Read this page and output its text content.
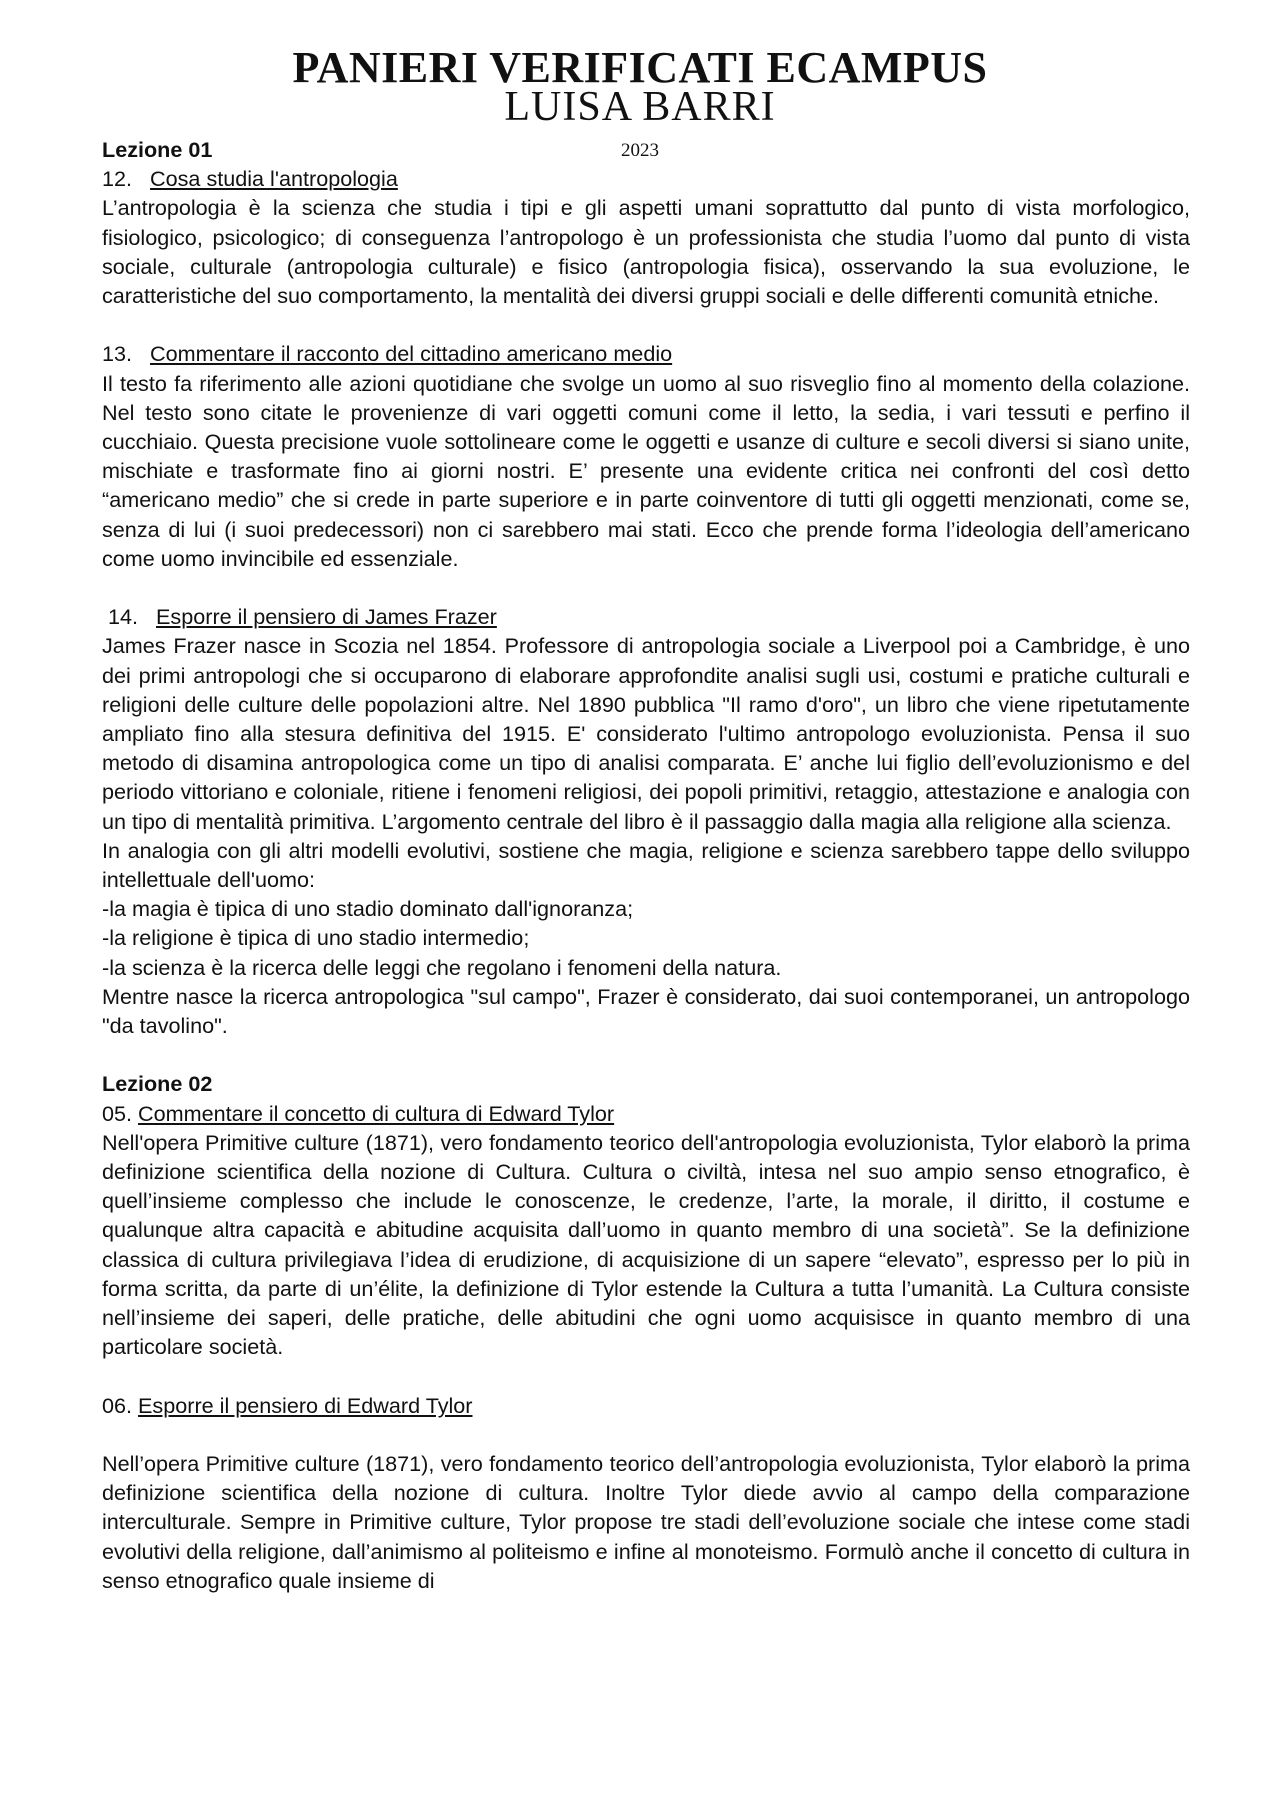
PANIERI VERIFICATI ECAMPUS
LUISA BARRI
2023

Lezione 01

12. Cosa studia l'antropologia

L’antropologia è la scienza che studia i tipi e gli aspetti umani soprattutto dal punto di vista morfologico, fisiologico, psicologico; di conseguenza l’antropologo è un professionista che studia l’uomo dal punto di vista sociale, culturale (antropologia culturale) e fisico (antropologia fisica), osservando la sua evoluzione, le caratteristiche del suo comportamento, la mentalità dei diversi gruppi sociali e delle differenti comunità etniche.

13. Commentare il racconto del cittadino americano medio

Il testo fa riferimento alle azioni quotidiane che svolge un uomo al suo risveglio fino al momento della colazione. Nel testo sono citate le provenienze di vari oggetti comuni come il letto, la sedia, i vari tessuti e perfino il cucchiaio. Questa precisione vuole sottolineare come le oggetti e usanze di culture e secoli diversi si siano unite, mischiate e trasformate fino ai giorni nostri. E’ presente una evidente critica nei confronti del così detto “americano medio” che si crede in parte superiore e in parte coinventore di tutti gli oggetti menzionati, come se, senza di lui (i suoi predecessori) non ci sarebbero mai stati. Ecco che prende forma l’ideologia dell’americano come uomo invincibile ed essenziale.

14. Esporre il pensiero di James Frazer

James Frazer nasce in Scozia nel 1854. Professore di antropologia sociale a Liverpool poi a Cambridge, è uno dei primi antropologi che si occuparono di elaborare approfondite analisi sugli usi, costumi e pratiche culturali e religioni delle culture delle popolazioni altre. Nel 1890 pubblica "Il ramo d'oro", un libro che viene ripetutamente ampliato fino alla stesura definitiva del 1915. E' considerato l'ultimo antropologo evoluzionista. Pensa il suo metodo di disamina antropologica come un tipo di analisi comparata. E’ anche lui figlio dell’evoluzionismo e del periodo vittoriano e coloniale, ritiene i fenomeni religiosi, dei popoli primitivi, retaggio, attestazione e analogia con un tipo di mentalità primitiva. L’argomento centrale del libro è il passaggio dalla magia alla religione alla scienza.

In analogia con gli altri modelli evolutivi, sostiene che magia, religione e scienza sarebbero tappe dello sviluppo intellettuale dell'uomo:

-la magia è tipica di uno stadio dominato dall'ignoranza;

-la religione è tipica di uno stadio intermedio;

-la scienza è la ricerca delle leggi che regolano i fenomeni della natura.

Mentre nasce la ricerca antropologica "sul campo", Frazer è considerato, dai suoi contemporanei, un antropologo "da tavolino".

Lezione 02

05. Commentare il concetto di cultura di Edward Tylor

Nell'opera Primitive culture (1871), vero fondamento teorico dell'antropologia evoluzionista, Tylor elaborò la prima definizione scientifica della nozione di Cultura. Cultura o civiltà, intesa nel suo ampio senso etnografico, è quell’insieme complesso che include le conoscenze, le credenze, l’arte, la morale, il diritto, il costume e qualunque altra capacità e abitudine acquisita dall’uomo in quanto membro di una società”. Se la definizione classica di cultura privilegiava l’idea di erudizione, di acquisizione di un sapere “elevato”, espresso per lo più in forma scritta, da parte di un’élite, la definizione di Tylor estende la Cultura a tutta l’umanità. La Cultura consiste nell’insieme dei saperi, delle pratiche, delle abitudini che ogni uomo acquisisce in quanto membro di una particolare società.

06. Esporre il pensiero di Edward Tylor

Nell’opera Primitive culture (1871), vero fondamento teorico dell’antropologia evoluzionista, Tylor elaborò la prima definizione scientifica della nozione di cultura. Inoltre Tylor diede avvio al campo della comparazione interculturale. Sempre in Primitive culture, Tylor propose tre stadi dell’evoluzione sociale che intese come stadi evolutivi della religione, dall’animismo al politeismo e infine al monoteismo. Formulò anche il concetto di cultura in senso etnografico quale insieme di
